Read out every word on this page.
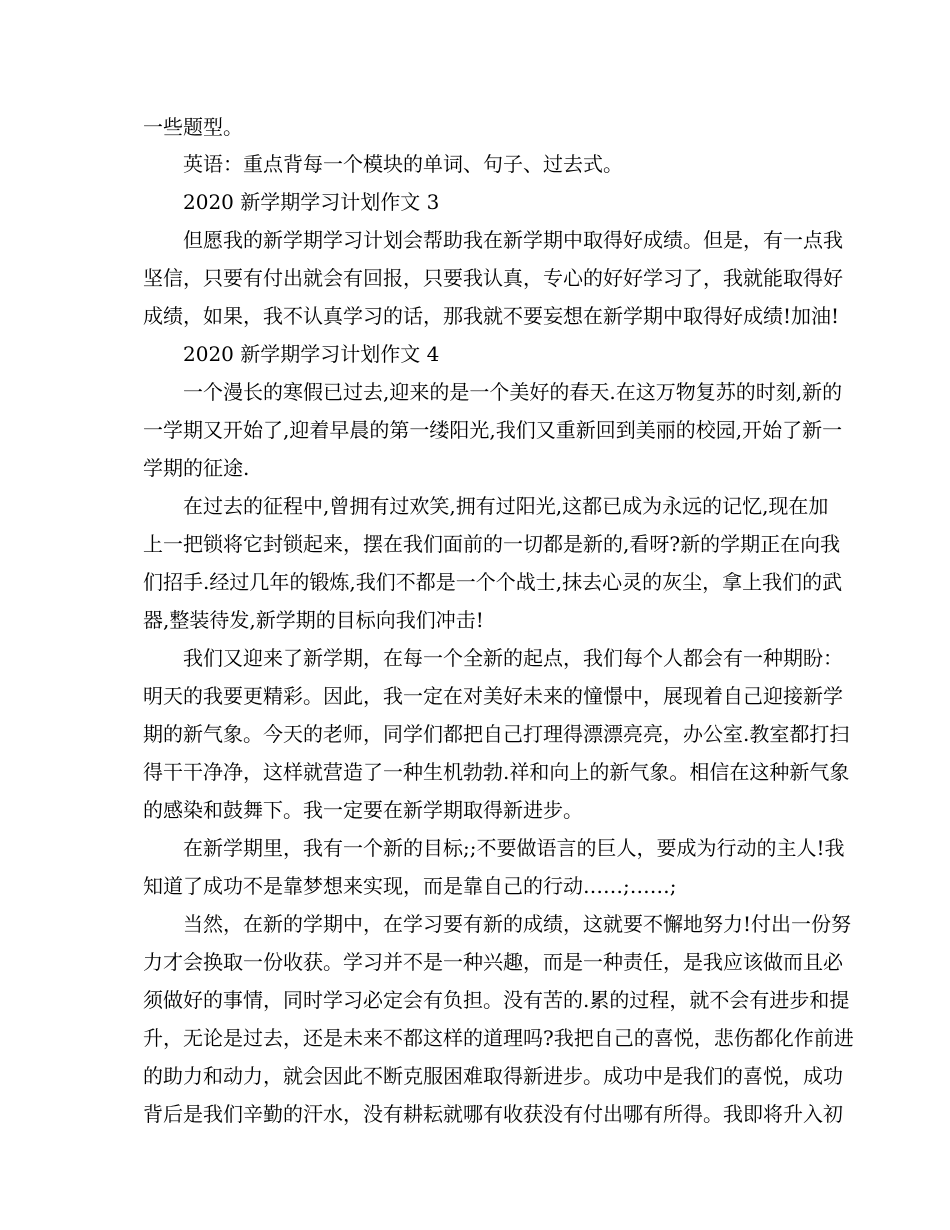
一些题型。
英语：重点背每一个模块的单词、句子、过去式。
2020 新学期学习计划作文 3
但愿我的新学期学习计划会帮助我在新学期中取得好成绩。但是，有一点我
坚信，只要有付出就会有回报，只要我认真，专心的好好学习了，我就能取得好
成绩，如果，我不认真学习的话，那我就不要妄想在新学期中取得好成绩!加油!
2020 新学期学习计划作文 4
一个漫长的寒假已过去,迎来的是一个美好的春天.在这万物复苏的时刻,新的
一学期又开始了,迎着早晨的第一缕阳光,我们又重新回到美丽的校园,开始了新一
学期的征途.
在过去的征程中,曾拥有过欢笑,拥有过阳光,这都已成为永远的记忆,现在加
上一把锁将它封锁起来，摆在我们面前的一切都是新的,看呀?新的学期正在向我
们招手.经过几年的锻炼,我们不都是一个个战士,抹去心灵的灰尘，拿上我们的武
器,整装待发,新学期的目标向我们冲击!
我们又迎来了新学期，在每一个全新的起点，我们每个人都会有一种期盼：
明天的我要更精彩。因此，我一定在对美好未来的憧憬中，展现着自己迎接新学
期的新气象。今天的老师，同学们都把自己打理得漂漂亮亮，办公室.教室都打扫
得干干净净，这样就营造了一种生机勃勃.祥和向上的新气象。相信在这种新气象
的感染和鼓舞下。我一定要在新学期取得新进步。
在新学期里，我有一个新的目标;;不要做语言的巨人，要成为行动的主人!我
知道了成功不是靠梦想来实现，而是靠自己的行动……;……;
当然，在新的学期中，在学习要有新的成绩，这就要不懈地努力!付出一份努
力才会换取一份收获。学习并不是一种兴趣，而是一种责任，是我应该做而且必
须做好的事情，同时学习必定会有负担。没有苦的.累的过程，就不会有进步和提
升，无论是过去，还是未来不都这样的道理吗?我把自己的喜悦，悲伤都化作前进
的助力和动力，就会因此不断克服困难取得新进步。成功中是我们的喜悦，成功
背后是我们辛勤的汗水，没有耕耘就哪有收获没有付出哪有所得。我即将升入初
